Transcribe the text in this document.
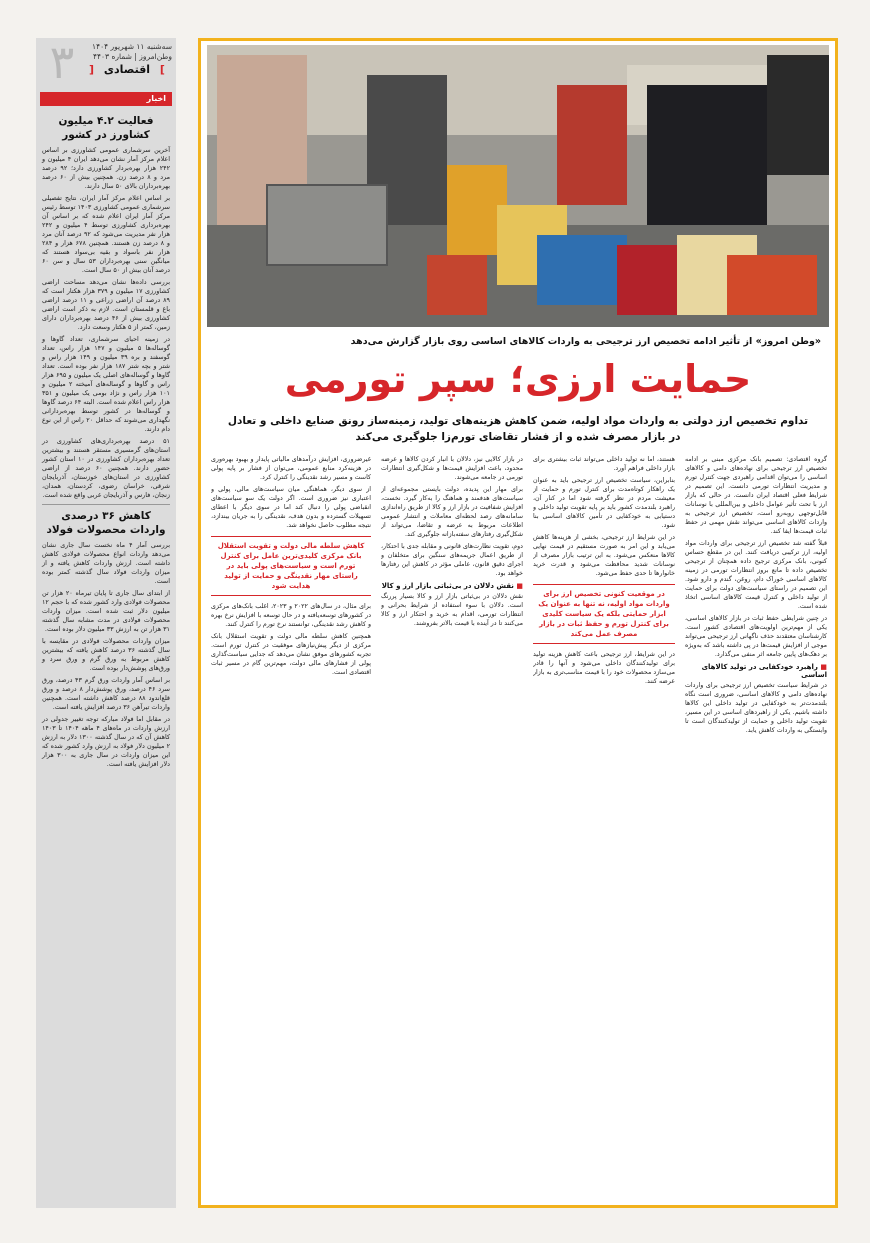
۳	سه‌شنبه ۱۱ شهریور ۱۴۰۴
وطن‌امروز | شماره ۴۴۰۳
] اقتصادی [
اخبار
فعالیت ۴.۲ میلیون کشاورز در کشور

آخرین سرشماری عمومی کشاورزی بر اساس اعلام مرکز آمار نشان می‌دهد ایران ۴ میلیون و ۲۴۲ هزار بهره‌بردار کشاورزی دارد؛ ۹۲ درصد مرد و ۸ درصد زن. همچنین بیش از ۶۰ درصد بهره‌برداران بالای ۵۰ سال دارند.

بر اساس اعلام مرکز آمار ایران، نتایج تفصیلی سرشماری عمومی کشاورزی ۱۴۰۳ توسط رئیس مرکز آمار ایران اعلام شده که بر اساس آن بهره‌برداری کشاورزی توسط ۴ میلیون و ۲۴۲ هزار نفر مدیریت می‌شود که ۹۲ درصد آنان مرد و ۸ درصد زن هستند. همچنین ۶۷۸ هزار و ۲۸۴ هزار نفر باسواد و بقیه بی‌سواد هستند که میانگین سنی بهره‌برداران ۵۳ سال و سن ۶۰ درصد آنان بیش از ۵۰ سال است.

بررسی داده‌ها نشان می‌دهد مساحت اراضی کشاورزی ۱۷ میلیون و ۳۷۹ هزار هکتار است که ۸۹ درصد آن اراضی زراعی و ۱۱ درصد اراضی باغ و قلمستان است. لازم به ذکر است اراضی کشاورزی بیش از ۴۶ درصد بهره‌برداران دارای زمین، کمتر از ۵ هکتار وسعت دارد.

در زمینه احیای سرشماری، تعداد گاوها و گوساله‌ها ۵ میلیون و ۱۴۷ هزار راس، تعداد گوسفند و بره ۳۹ میلیون و ۱۴۹ هزار راس و شتر و بچه شتر ۱۸۷ هزار نفر بوده است. تعداد گاوها و گوساله‌های اصلی یک میلیون و ۶۹۵ هزار راس و گاوها و گوساله‌های آمیخته ۲ میلیون و ۱۰۱ هزار راس و نژاد بومی یک میلیون و ۳۵۱ هزار راس اعلام شده است. البته ۶۴ درصد گاوها و گوساله‌ها در کشور توسط بهره‌بردارانی نگهداری می‌شوند که حداقل ۲۰ راس از این نوع دام دارند.

۵۱ درصد بهره‌برداری‌های کشاورزی در استان‌های گرمسیری مستقر هستند و بیشترین تعداد بهره‌برداران کشاورزی در ۱۰ استان کشور حضور دارند. همچنین ۶۰ درصد از اراضی کشاورزی در استان‌های خوزستان، آذربایجان شرقی، خراسان رضوی، کردستان، همدان، زنجان، فارس و آذربایجان غربی واقع شده است.

کاهش ۳۶ درصدی واردات محصولات فولاد

بررسی آمار ۴ ماه نخست سال جاری نشان می‌دهد واردات انواع محصولات فولادی کاهش داشته است. ارزش واردات کاهش یافته و از میزان واردات فولاد سال گذشته کمتر بوده است.

از ابتدای سال جاری تا پایان تیرماه ۲۰ هزار تن محصولات فولادی وارد کشور شده که با حجم ۱۲ میلیون دلار ثبت شده است. میزان واردات محصولات فولادی در مدت مشابه سال گذشته ۳۱ هزار تن به ارزش ۳۳ میلیون دلار بوده است.

میزان واردات محصولات فولادی در مقایسه با سال گذشته ۳۶ درصد کاهش یافته که بیشترین کاهش مربوط به ورق گرم و ورق سرد و ورق‌های پوشش‌دار بوده است.

بر اساس آمار واردات ورق گرم ۴۳ درصد، ورق سرد ۴۶ درصد، ورق پوشش‌دار ۸ درصد و ورق قلع‌اندود ۸۸ درصد کاهش داشته است. همچنین واردات تیرآهن ۳۶ درصد افزایش یافته است.

در مقابل اما فولاد مبارکه توجه تغییر جدولی در ارزش واردات در ماه‌های ۴ ماهه ۱۴۰۴ تا ۱۴۰۳ کاهش آن که در سال گذشته ۱۳۰۰ دلار به ارزش ۲ میلیون دلار فولاد به ارزش وارد کشور شده که این میزان واردات در سال جاری به ۳۰۰ هزار دلار افزایش یافته است.

«وطن امروز» از تأثیر ادامه تخصیص ارز ترجیحی به واردات کالاهای اساسی روی بازار گزارش می‌دهد
حمایت ارزی؛ سپر تورمی
تداوم تخصیص ارز دولتی به واردات مواد اولیه، ضمن کاهش هزینه‌های تولید، زمینه‌ساز رونق صنایع داخلی و تعادل در بازار مصرف شده و از فشار تقاضای تورم‌زا جلوگیری می‌کند

گروه اقتصادی: تصمیم بانک مرکزی مبنی بر ادامه تخصیص ارز ترجیحی برای نهاده‌های دامی و کالاهای اساسی را می‌توان اقدامی راهبردی جهت کنترل تورم و مدیریت انتظارات تورمی دانست. این تصمیم در شرایط فعلی اقتصاد ایران دانست. در حالی که بازار ارز با تحت تأثیر عوامل داخلی و بین‌المللی با نوسانات قابل‌توجهی روبه‌رو است، تخصیص ارز ترجیحی به واردات کالاهای اساسی می‌تواند نقش مهمی در حفظ ثبات قیمت‌ها ایفا کند.

قبلاً گفته شد تخصیص ارز ترجیحی برای واردات مواد اولیه، ارز ترکیبی دریافت کنند. این در مقطع حساس کنونی، بانک مرکزی ترجیح داده همچنان از ترجیحی تخصیص داده تا مانع بروز انتظارات تورمی در زمینه کالاهای اساسی خوراک دام، روغن، گندم و دارو شود. این تصمیم در راستای سیاست‌های دولت برای حمایت از تولید داخلی و کنترل قیمت کالاهای اساسی اتخاذ شده است.

در چنین شرایطی حفظ ثبات در بازار کالاهای اساسی، یکی از مهم‌ترین اولویت‌های اقتصادی کشور است. کارشناسان معتقدند حذف ناگهانی ارز ترجیحی می‌تواند موجی از افزایش قیمت‌ها در پی داشته باشد که به‌ویژه بر دهک‌های پایین جامعه اثر منفی می‌گذارد.

■ راهبرد خودکفایی در تولید کالاهای اساسی

در شرایط سیاست تخصیص ارز ترجیحی برای واردات نهاده‌های دامی و کالاهای اساسی، ضروری است نگاه بلندمدت‌تر به خودکفایی در تولید داخلی این کالاها داشته باشیم. یکی از راهبردهای اساسی در این مسیر، تقویت تولید داخلی و حمایت از تولیدکنندگان است تا وابستگی به واردات کاهش یابد.

هستند، اما نه تولید داخلی می‌تواند ثبات بیشتری برای بازار داخلی فراهم آورد.

بنابراین، سیاست تخصیص ارز ترجیحی باید به عنوان یک راهکار کوتاه‌مدت برای کنترل تورم و حمایت از معیشت مردم در نظر گرفته شود اما در کنار آن، راهبرد بلندمدت کشور باید بر پایه تقویت تولید داخلی و دستیابی به خودکفایی در تأمین کالاهای اساسی بنا شود.

در این شرایط ارز ترجیحی، بخشی از هزینه‌ها کاهش می‌یابد و این امر به صورت مستقیم در قیمت نهایی کالاها منعکس می‌شود. به این ترتیب بازار مصرف از نوسانات شدید محافظت می‌شود و قدرت خرید خانوارها تا حدی حفظ می‌شود.

در موقعیت کنونی تخصیص ارز برای واردات مواد اولیه، نه تنها به عنوان یک ابزار حمایتی بلکه یک سیاست کلیدی برای کنترل تورم و حفظ ثبات در بازار مصرف عمل می‌کند

در این شرایط، ارز ترجیحی باعث کاهش هزینه تولید برای تولیدکنندگان داخلی می‌شود و آنها را قادر می‌سازد محصولات خود را با قیمت مناسب‌تری به بازار عرضه کنند.

در بازار کالایی نیز، دلالان با انبار کردن کالاها و عرضه محدود، باعث افزایش قیمت‌ها و شکل‌گیری انتظارات تورمی در جامعه می‌شوند.

برای مهار این پدیده، دولت بایستی مجموعه‌ای از سیاست‌های هدفمند و هماهنگ را به‌کار گیرد. نخست، افزایش شفافیت در بازار ارز و کالا از طریق راه‌اندازی سامانه‌های رصد لحظه‌ای معاملات و انتشار عمومی اطلاعات مربوط به عرضه و تقاضا، می‌تواند از شکل‌گیری رفتارهای سفته‌بازانه جلوگیری کند.

دوم، تقویت نظارت‌های قانونی و مقابله جدی با احتکار، از طریق اعمال جریمه‌های سنگین برای متخلفان و اجرای دقیق قانون، عاملی مؤثر در کاهش این رفتارها خواهد بود.

■ نقش دلالان در بی‌ثباتی بازار ارز و کالا

نقش دلالان در بی‌ثباتی بازار ارز و کالا بسیار پررنگ است. دلالان با سوء استفاده از شرایط بحرانی و انتظارات تورمی، اقدام به خرید و احتکار ارز و کالا می‌کنند تا در آینده با قیمت بالاتر بفروشند.

غیرضروری، افزایش درآمدهای مالیاتی پایدار و بهبود بهره‌وری در هزینه‌کرد منابع عمومی، می‌توان از فشار بر پایه پولی کاست و مسیر رشد نقدینگی را کنترل کرد.

از سوی دیگر، هماهنگی میان سیاست‌های مالی، پولی و اعتباری نیز ضروری است. اگر دولت یک سو سیاست‌های انقباضی پولی را دنبال کند اما در سوی دیگر با اعطای تسهیلات گسترده و بدون هدف، نقدینگی را به جریان بیندازد، نتیجه مطلوب حاصل نخواهد شد.

کاهش سلطه مالی دولت و تقویت استقلال بانک مرکزی کلیدی‌ترین عامل برای کنترل تورم است و سیاست‌های پولی باید در راستای مهار نقدینگی و حمایت از تولید هدایت شود

برای مثال، در سال‌های ۲۰۲۲ و ۲۰۲۳، اغلب بانک‌های مرکزی در کشورهای توسعه‌یافته و در حال توسعه با افزایش نرخ بهره و کاهش رشد نقدینگی، توانستند نرخ تورم را کنترل کنند.

همچنین کاهش سلطه مالی دولت و تقویت استقلال بانک مرکزی از دیگر پیش‌نیازهای موفقیت در کنترل تورم است. تجربه کشورهای موفق نشان می‌دهد که جدایی سیاست‌گذاری پولی از فشارهای مالی دولت، مهم‌ترین گام در مسیر ثبات اقتصادی است.
